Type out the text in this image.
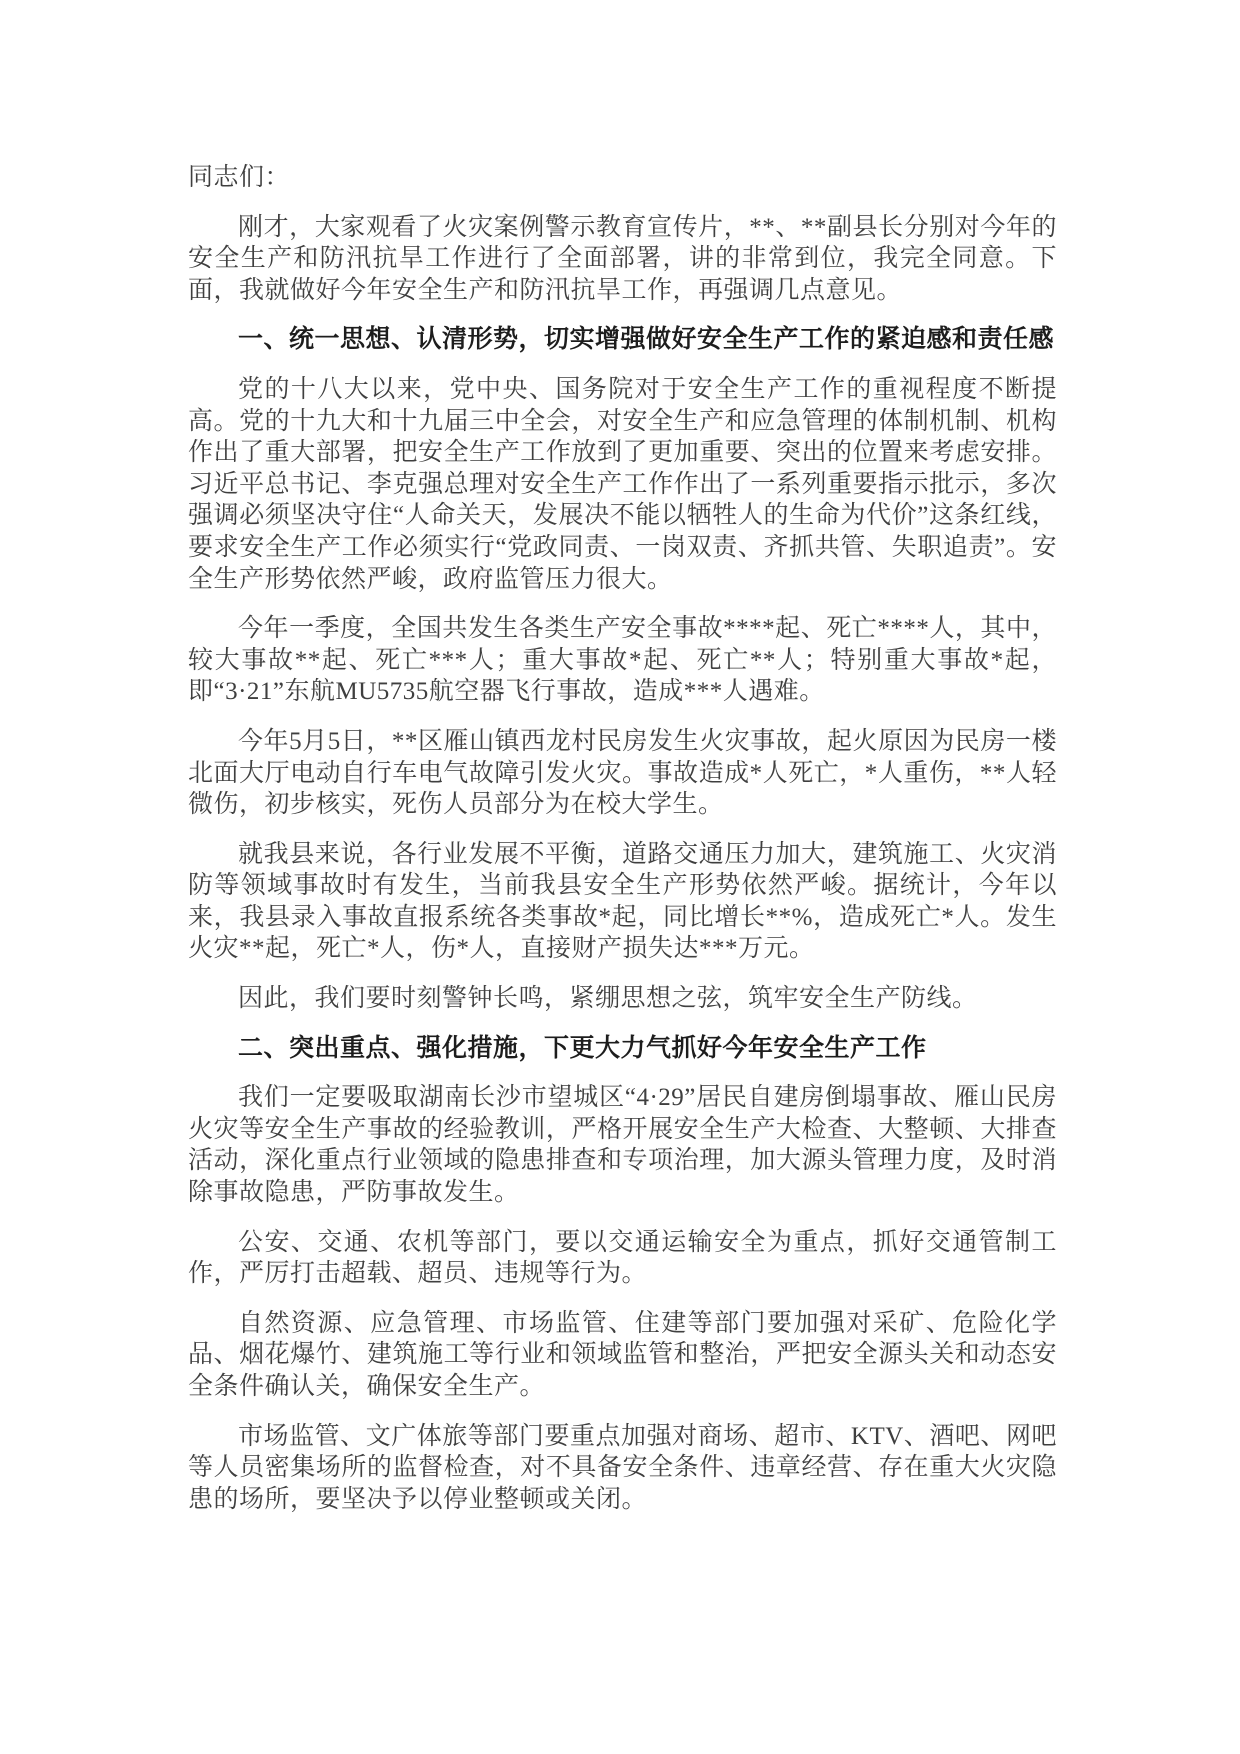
同志们：

刚才，大家观看了火灾案例警示教育宣传片，**、**副县长分别对今年的安全生产和防汛抗旱工作进行了全面部署，讲的非常到位，我完全同意。下面，我就做好今年安全生产和防汛抗旱工作，再强调几点意见。

一、统一思想、认清形势，切实增强做好安全生产工作的紧迫感和责任感

党的十八大以来，党中央、国务院对于安全生产工作的重视程度不断提高。党的十九大和十九届三中全会，对安全生产和应急管理的体制机制、机构作出了重大部署，把安全生产工作放到了更加重要、突出的位置来考虑安排。习近平总书记、李克强总理对安全生产工作作出了一系列重要指示批示，多次强调必须坚决守住“人命关天，发展决不能以牺牲人的生命为代价”这条红线，要求安全生产工作必须实行“党政同责、一岗双责、齐抓共管、失职追责”。安全生产形势依然严峻，政府监管压力很大。

今年一季度，全国共发生各类生产安全事故****起、死亡****人，其中，较大事故**起、死亡***人；重大事故*起、死亡**人；特别重大事故*起，即“3·21”东航MU5735航空器飞行事故，造成***人遇难。

今年5月5日，**区雁山镇西龙村民房发生火灾事故，起火原因为民房一楼北面大厅电动自行车电气故障引发火灾。事故造成*人死亡，*人重伤，**人轻微伤，初步核实，死伤人员部分为在校大学生。

就我县来说，各行业发展不平衡，道路交通压力加大，建筑施工、火灾消防等领域事故时有发生，当前我县安全生产形势依然严峻。据统计，今年以来，我县录入事故直报系统各类事故*起，同比增长**%，造成死亡*人。发生火灾**起，死亡*人，伤*人，直接财产损失达***万元。

因此，我们要时刻警钟长鸣，紧绷思想之弦，筑牢安全生产防线。

二、突出重点、强化措施，下更大力气抓好今年安全生产工作

我们一定要吸取湖南长沙市望城区“4·29”居民自建房倒塌事故、雁山民房火灾等安全生产事故的经验教训，严格开展安全生产大检查、大整顿、大排查活动，深化重点行业领域的隐患排查和专项治理，加大源头管理力度，及时消除事故隐患，严防事故发生。

公安、交通、农机等部门，要以交通运输安全为重点，抓好交通管制工作，严厉打击超载、超员、违规等行为。

自然资源、应急管理、市场监管、住建等部门要加强对采矿、危险化学品、烟花爆竹、建筑施工等行业和领域监管和整治，严把安全源头关和动态安全条件确认关，确保安全生产。

市场监管、文广体旅等部门要重点加强对商场、超市、KTV、酒吧、网吧等人员密集场所的监督检查，对不具备安全条件、违章经营、存在重大火灾隐患的场所，要坚决予以停业整顿或关闭。
